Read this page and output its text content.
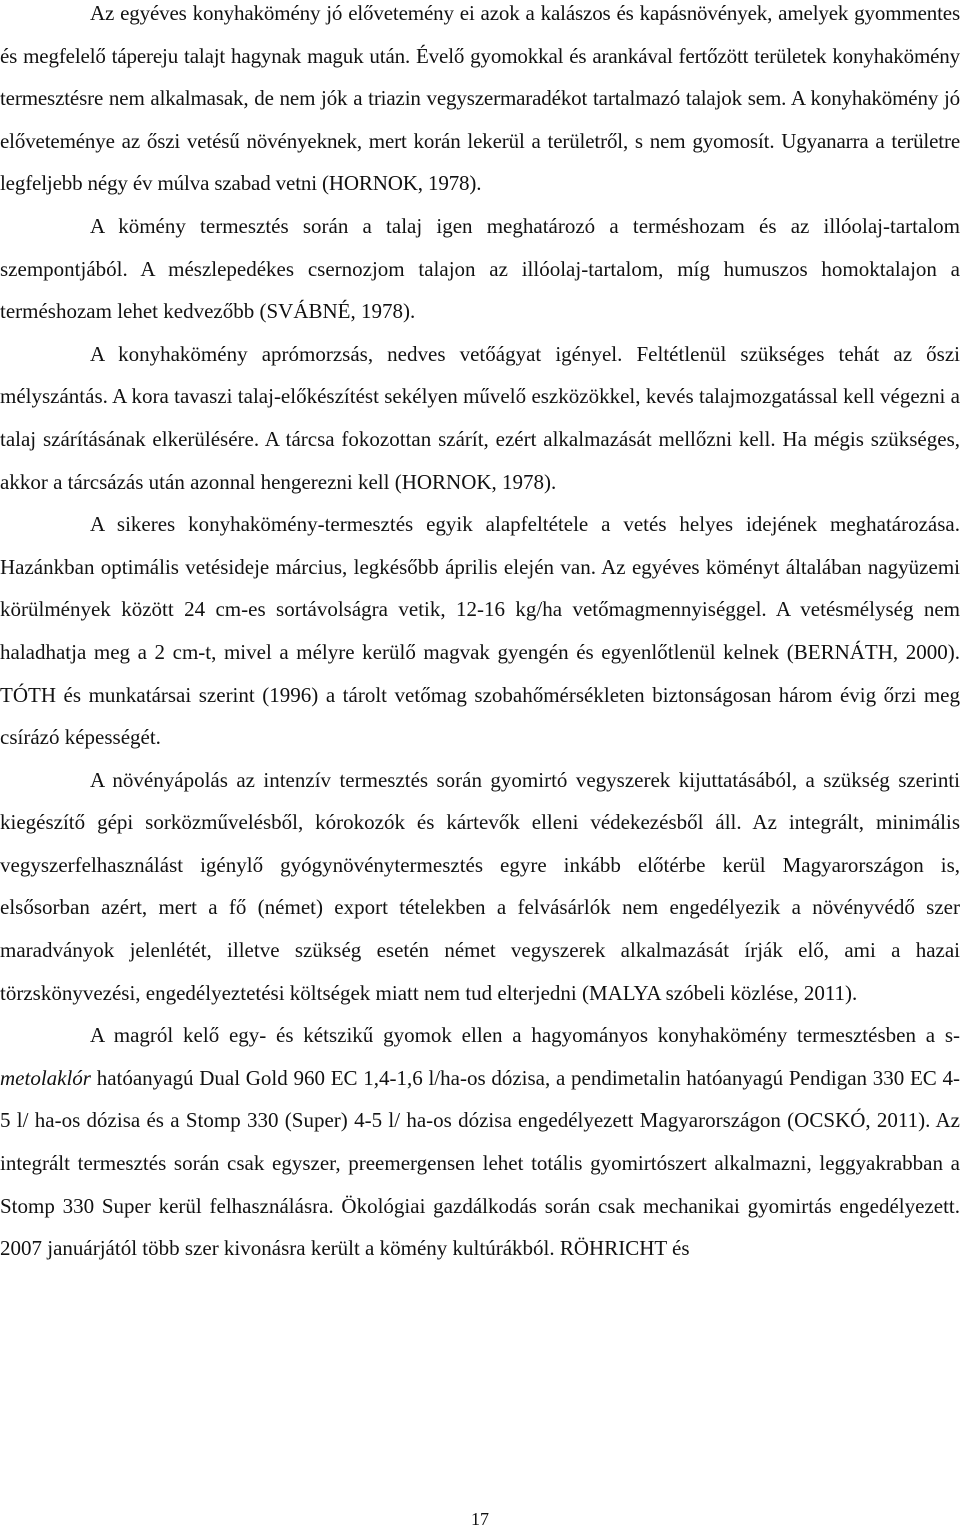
Az egyéves konyhakömény jó elővetemény ei azok a kalászos és kapásnövények, amelyek gyommentes és megfelelő tápereju talajt hagynak maguk után. Évelő gyomokkal és arankával fertőzött területek konyhakömény termesztésre nem alkalmasak, de nem jók a triazin vegyszermaradékot tartalmazó talajok sem. A konyhakömény jó előveteménye az őszi vetésű növényeknek, mert korán lekerül a területről, s nem gyomosít. Ugyanarra a területre legfeljebb négy év múlva szabad vetni (HORNOK, 1978).

A kömény termesztés során a talaj igen meghatározó a terméshozam és az illóolaj-tartalom szempontjából. A mészlepedékes csernozjom talajon az illóolaj-tartalom, míg humuszos homoktalajon a terméshozam lehet kedvezőbb (SVÁBNÉ, 1978).

A konyhakömény aprómorzsás, nedves vetőágyat igényel. Feltétlenül szükséges tehát az őszi mélyszántás. A kora tavaszi talaj-előkészítést sekélyen művelő eszközökkel, kevés talajmozgatással kell végezni a talaj szárításának elkerülésére. A tárcsa fokozottan szárít, ezért alkalmazását mellőzni kell. Ha mégis szükséges, akkor a tárcsázás után azonnal hengerezni kell (HORNOK, 1978).

A sikeres konyhakömény-termesztés egyik alapfeltétele a vetés helyes idejének meghatározása. Hazánkban optimális vetésideje március, legkésőbb április elején van. Az egyéves köményt általában nagyüzemi körülmények között 24 cm-es sortávolságra vetik, 12-16 kg/ha vetőmagmennyiséggel. A vetésmélység nem haladhatja meg a 2 cm-t, mivel a mélyre kerülő magvak gyengén és egyenlőtlenül kelnek (BERNÁTH, 2000). TÓTH és munkatársai szerint (1996) a tárolt vetőmag szobahőmérsékleten biztonságosan három évig őrzi meg csírázó képességét.

A növényápolás az intenzív termesztés során gyomirtó vegyszerek kijuttatásából, a szükség szerinti kiegészítő gépi sorközművelésből, kórokozók és kártevők elleni védekezésből áll. Az integrált, minimális vegyszerfelhasználást igénylő gyógynövénytermesztés egyre inkább előtérbe kerül Magyarországon is, elsősorban azért, mert a fő (német) export tételekben a felvásárlók nem engedélyezik a növényvédő szer maradványok jelenlétét, illetve szükség esetén német vegyszerek alkalmazását írják elő, ami a hazai törzskönyvezési, engedélyeztetési költségek miatt nem tud elterjedni (MALYA szóbeli közlése, 2011).

A magról kelő egy- és kétszikű gyomok ellen a hagyományos konyhakömény termesztésben a s-metolaklór hatóanyagú Dual Gold 960 EC 1,4-1,6 l/ha-os dózisa, a pendimetalin hatóanyagú Pendigan 330 EC 4-5 l/ ha-os dózisa és a Stomp 330 (Super) 4-5 l/ ha-os dózisa engedélyezett Magyarországon (OCSKÓ, 2011). Az integrált termesztés során csak egyszer, preemergensen lehet totális gyomirtószert alkalmazni, leggyakrabban a Stomp 330 Super kerül felhasználásra. Ökológiai gazdálkodás során csak mechanikai gyomirtás engedélyezett. 2007 januárjától több szer kivonásra került a kömény kultúrákból. RÖHRICHT és

17
